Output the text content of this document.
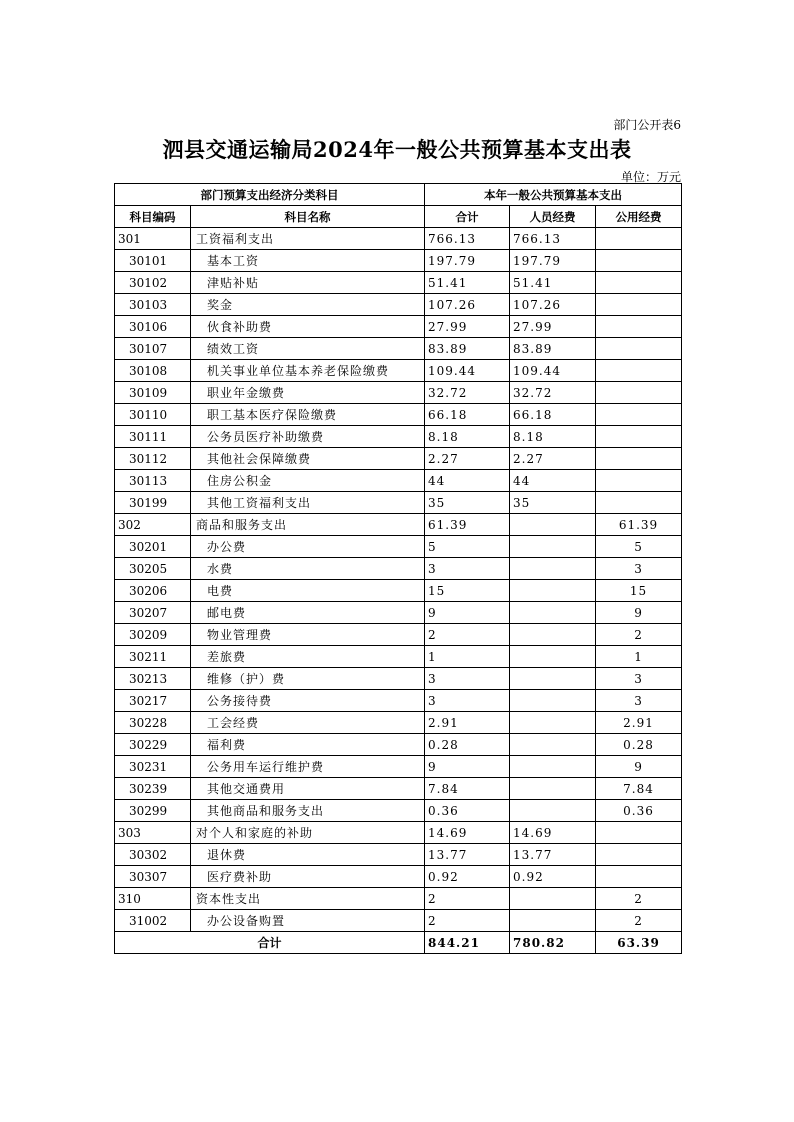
部门公开表6
泗县交通运输局2024年一般公共预算基本支出表
单位：万元
部门预算支出经济分类科目		本年一般公共预算基本支出		
科目编码	科目名称	合计	人员经费	公用经费
301	工资福利支出	766.13	766.13	
30101	基本工资	197.79	197.79	
30102	津贴补贴	51.41	51.41	
30103	奖金	107.26	107.26	
30106	伙食补助费	27.99	27.99	
30107	绩效工资	83.89	83.89	
30108	机关事业单位基本养老保险缴费	109.44	109.44	
30109	职业年金缴费	32.72	32.72	
30110	职工基本医疗保险缴费	66.18	66.18	
30111	公务员医疗补助缴费	8.18	8.18	
30112	其他社会保障缴费	2.27	2.27	
30113	住房公积金	44	44	
30199	其他工资福利支出	35	35	
302	商品和服务支出	61.39		61.39
30201	办公费	5		5
30205	水费	3		3
30206	电费	15		15
30207	邮电费	9		9
30209	物业管理费	2		2
30211	差旅费	1		1
30213	维修（护）费	3		3
30217	公务接待费	3		3
30228	工会经费	2.91		2.91
30229	福利费	0.28		0.28
30231	公务用车运行维护费	9		9
30239	其他交通费用	7.84		7.84
30299	其他商品和服务支出	0.36		0.36
303	对个人和家庭的补助	14.69	14.69	
30302	退休费	13.77	13.77	
30307	医疗费补助	0.92	0.92	
310	资本性支出	2		2
31002	办公设备购置	2		2
合计		844.21	780.82	63.39
